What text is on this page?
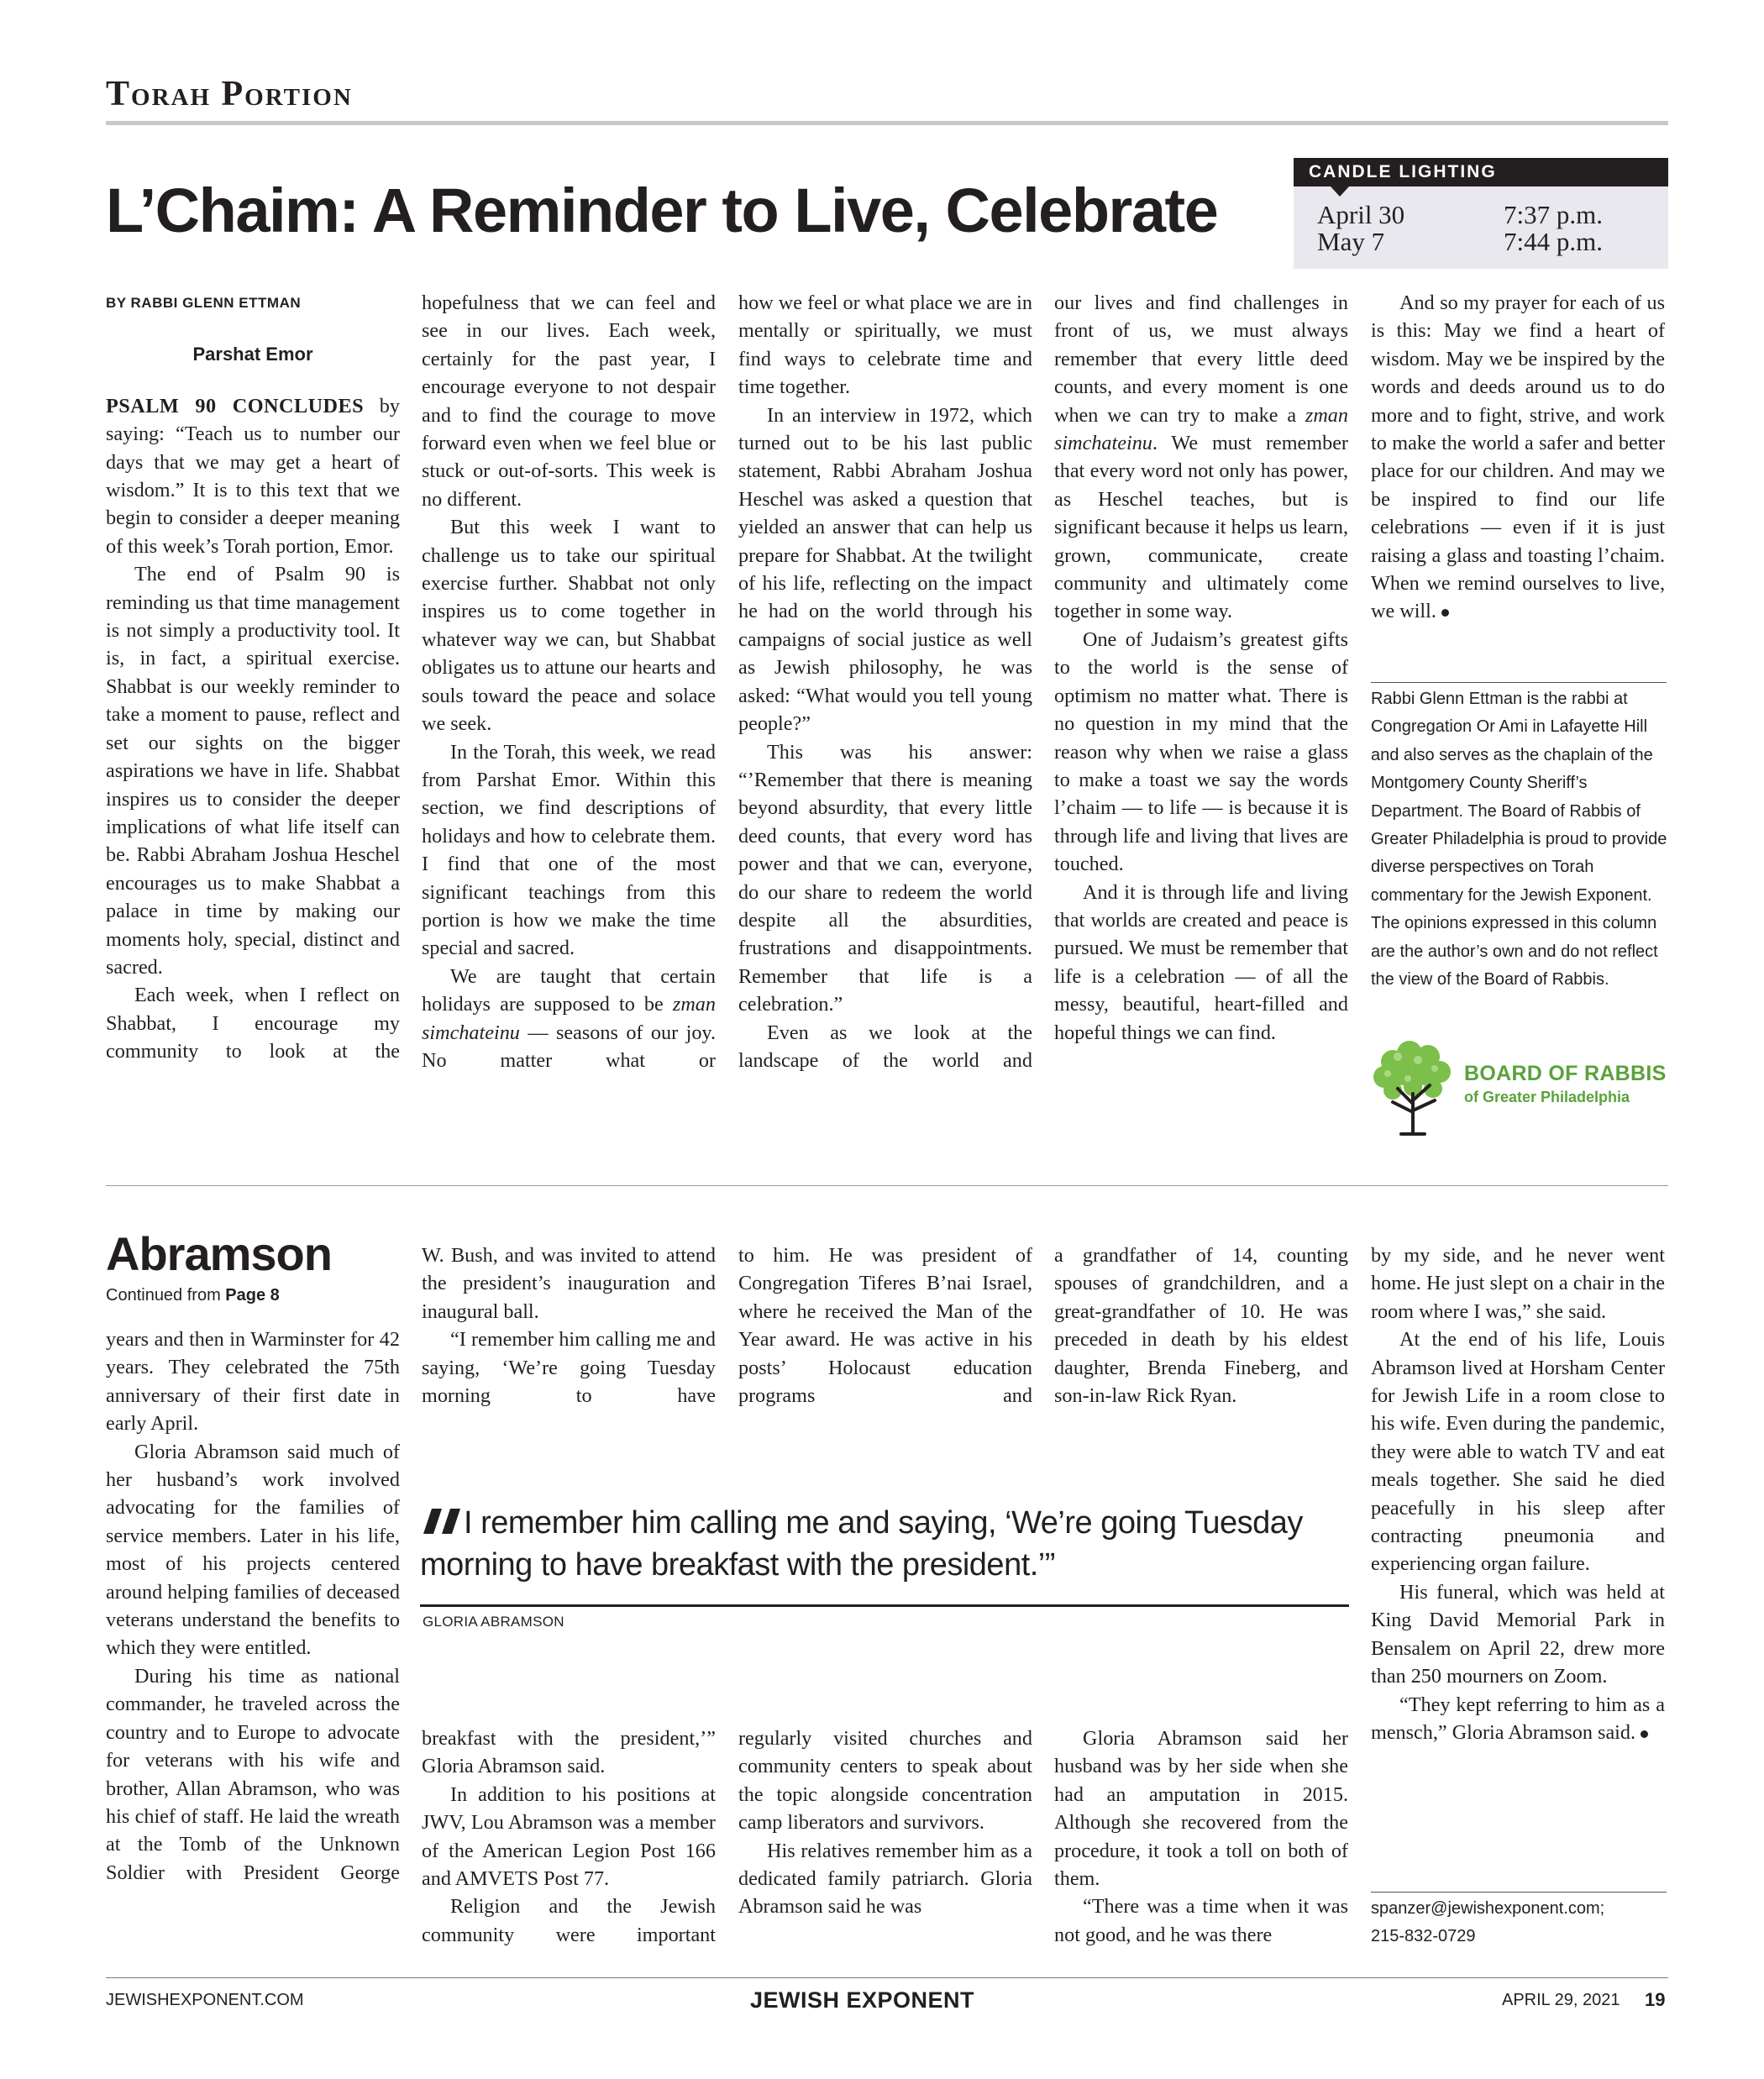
Torah Portion
L’Chaim: A Reminder to Live, Celebrate
CANDLE LIGHTING
April 30	7:37 p.m.
May 7	7:44 p.m.
BY RABBI GLENN ETTMAN
Parshat Emor

PSALM 90 CONCLUDES by saying: “Teach us to number our days that we may get a heart of wisdom.” It is to this text that we begin to consider a deeper meaning of this week’s Torah portion, Emor.

The end of Psalm 90 is reminding us that time management is not simply a productivity tool. It is, in fact, a spiritual exercise. Shabbat is our weekly reminder to take a moment to pause, reflect and set our sights on the bigger aspirations we have in life. Shabbat inspires us to consider the deeper implications of what life itself can be. Rabbi Abraham Joshua Heschel encourages us to make Shabbat a palace in time by making our moments holy, special, distinct and sacred.

Each week, when I reflect on Shabbat, I encourage my community to look at the

hopefulness that we can feel and see in our lives. Each week, certainly for the past year, I encourage everyone to not despair and to find the courage to move forward even when we feel blue or stuck or out-of-sorts. This week is no different.

But this week I want to challenge us to take our spiritual exercise further. Shabbat not only inspires us to come together in whatever way we can, but Shabbat obligates us to attune our hearts and souls toward the peace and solace we seek.

In the Torah, this week, we read from Parshat Emor. Within this section, we find descriptions of holidays and how to celebrate them. I find that one of the most significant teachings from this portion is how we make the time special and sacred.

We are taught that certain holidays are supposed to be zman simchateinu — seasons of our joy. No matter what or

how we feel or what place we are in mentally or spiritually, we must find ways to celebrate time and time together.

In an interview in 1972, which turned out to be his last public statement, Rabbi Abraham Joshua Heschel was asked a question that yielded an answer that can help us prepare for Shabbat. At the twilight of his life, reflecting on the impact he had on the world through his campaigns of social justice as well as Jewish philosophy, he was asked: “What would you tell young people?”

This was his answer: “’Remember that there is meaning beyond absurdity, that every little deed counts, that every word has power and that we can, everyone, do our share to redeem the world despite all the absurdities, frustrations and disappointments. Remember that life is a celebration.”

Even as we look at the landscape of the world and

our lives and find challenges in front of us, we must always remember that every little deed counts, and every moment is one when we can try to make a zman simchateinu. We must remember that every word not only has power, as Heschel teaches, but is significant because it helps us learn, grown, communicate, create community and ultimately come together in some way.

One of Judaism’s greatest gifts to the world is the sense of optimism no matter what. There is no question in my mind that the reason why when we raise a glass to make a toast we say the words l’chaim — to life — is because it is through life and living that lives are touched.

And it is through life and living that worlds are created and peace is pursued. We must be remember that life is a celebration — of all the messy, beautiful, heart-filled and hopeful things we can find.

And so my prayer for each of us is this: May we find a heart of wisdom. May we be inspired by the words and deeds around us to do more and to fight, strive, and work to make the world a safer and better place for our children. And may we be inspired to find our life celebrations — even if it is just raising a glass and toasting l’chaim. When we remind ourselves to live, we will.

Rabbi Glenn Ettman is the rabbi at Congregation Or Ami in Lafayette Hill and also serves as the chaplain of the Montgomery County Sheriff’s Department. The Board of Rabbis of Greater Philadelphia is proud to provide diverse perspectives on Torah commentary for the Jewish Exponent. The opinions expressed in this column are the author’s own and do not reflect the view of the Board of Rabbis.
BOARD OF RABBIS
of Greater Philadelphia
Abramson
Continued from Page 8

years and then in Warminster for 42 years. They celebrated the 75th anniversary of their first date in early April.

Gloria Abramson said much of her husband’s work involved advocating for the families of service members. Later in his life, most of his projects centered around helping families of deceased veterans understand the benefits to which they were entitled.

During his time as national commander, he traveled across the country and to Europe to advocate for veterans with his wife and brother, Allan Abramson, who was his chief of staff. He laid the wreath at the Tomb of the Unknown Soldier with President George

W. Bush, and was invited to attend the president’s inauguration and inaugural ball.

“I remember him calling me and saying, ‘We’re going Tuesday morning to have

to him. He was president of Congregation Tiferes B’nai Israel, where he received the Man of the Year award. He was active in his posts’ Holocaust education programs and

a grandfather of 14, counting spouses of grandchildren, and a great-grandfather of 10. He was preceded in death by his eldest daughter, Brenda Fineberg, and son-in-law Rick Ryan.

I remember him calling me and saying, ‘We’re going Tuesday morning to have breakfast with the president.’”
GLORIA ABRAMSON

breakfast with the president,’” Gloria Abramson said.

In addition to his positions at JWV, Lou Abramson was a member of the American Legion Post 166 and AMVETS Post 77.

Religion and the Jewish community were important

regularly visited churches and community centers to speak about the topic alongside concentration camp liberators and survivors.

His relatives remember him as a dedicated family patriarch. Gloria Abramson said he was

Gloria Abramson said her husband was by her side when she had an amputation in 2015. Although she recovered from the procedure, it took a toll on both of them.

“There was a time when it was not good, and he was there

by my side, and he never went home. He just slept on a chair in the room where I was,” she said.

At the end of his life, Louis Abramson lived at Horsham Center for Jewish Life in a room close to his wife. Even during the pandemic, they were able to watch TV and eat meals together. She said he died peacefully in his sleep after contracting pneumonia and experiencing organ failure.

His funeral, which was held at King David Memorial Park in Bensalem on April 22, drew more than 250 mourners on Zoom.

“They kept referring to him as a mensch,” Gloria Abramson said.

spanzer@jewishexponent.com;
215-832-0729
JEWISHEXPONENT.COM	JEWISH EXPONENT	APRIL 29, 2021 19
